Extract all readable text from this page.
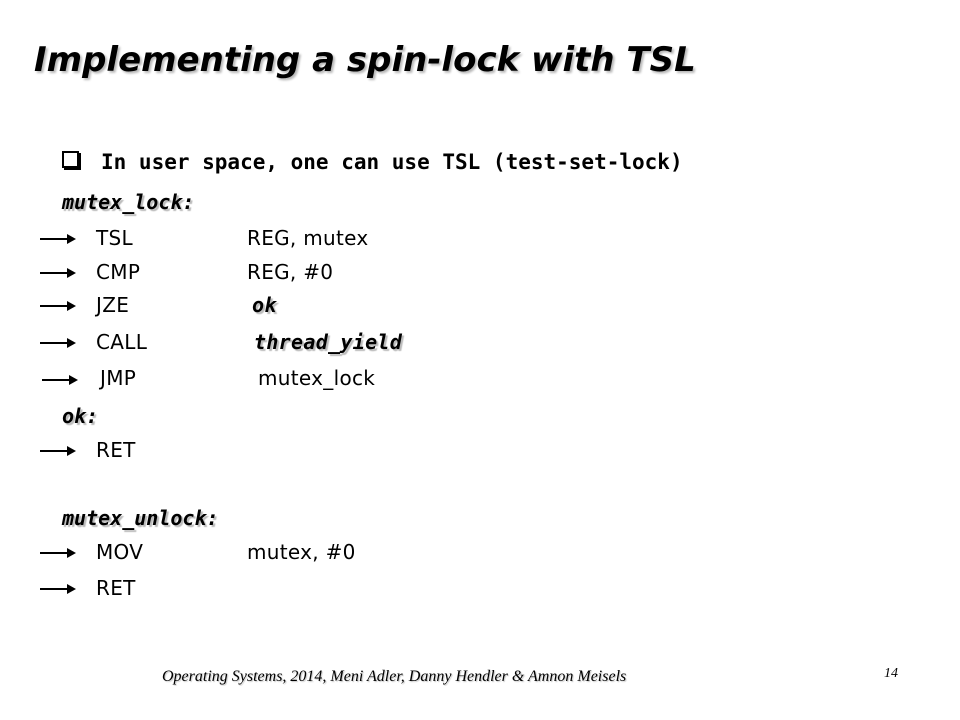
Implementing a spin-lock with TSL
In user space, one can use TSL (test-set-lock)
mutex_lock:
TSL	REG, mutex
CMP	REG, #0
JZE	ok
CALL	thread_yield
JMP	mutex_lock
ok:
RET
mutex_unlock:
MOV	mutex, #0
RET
Operating Systems, 2014, Meni Adler, Danny Hendler & Amnon Meisels	14
